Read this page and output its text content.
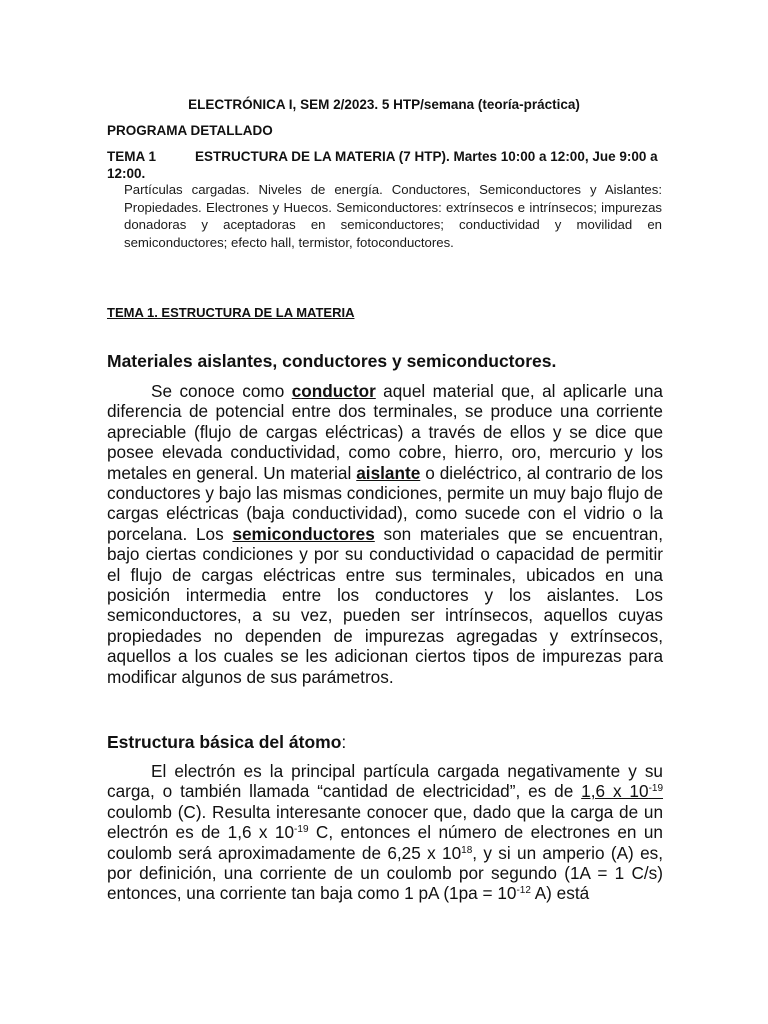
ELECTRÓNICA I, SEM 2/2023. 5 HTP/semana (teoría-práctica)
PROGRAMA DETALLADO
TEMA 1	ESTRUCTURA DE LA MATERIA (7 HTP). Martes 10:00 a 12:00, Jue 9:00 a 12:00.
Partículas cargadas. Niveles de energía. Conductores, Semiconductores y Aislantes: Propiedades. Electrones y Huecos. Semiconductores: extrínsecos e intrínsecos; impurezas donadoras y aceptadoras en semiconductores; conductividad y movilidad en semiconductores; efecto hall, termistor, fotoconductores.
TEMA 1. ESTRUCTURA DE LA MATERIA
Materiales aislantes, conductores y semiconductores.
Se conoce como conductor aquel material que, al aplicarle una diferencia de potencial entre dos terminales, se produce una corriente apreciable (flujo de cargas eléctricas) a través de ellos y se dice que posee elevada conductividad, como cobre, hierro, oro, mercurio y los metales en general. Un material aislante o dieléctrico, al contrario de los conductores y bajo las mismas condiciones, permite un muy bajo flujo de cargas eléctricas (baja conductividad), como sucede con el vidrio o la porcelana. Los semiconductores son materiales que se encuentran, bajo ciertas condiciones y por su conductividad o capacidad de permitir el flujo de cargas eléctricas entre sus terminales, ubicados en una posición intermedia entre los conductores y los aislantes. Los semiconductores, a su vez, pueden ser intrínsecos, aquellos cuyas propiedades no dependen de impurezas agregadas y extrínsecos, aquellos a los cuales se les adicionan ciertos tipos de impurezas para modificar algunos de sus parámetros.
Estructura básica del átomo:
El electrón es la principal partícula cargada negativamente y su carga, o también llamada “cantidad de electricidad”, es de 1,6 x $10^{-19}$ coulomb (C). Resulta interesante conocer que, dado que la carga de un electrón es de 1,6 x $10^{-19}$ C, entonces el número de electrones en un coulomb será aproximadamente de 6,25 x $10^{18}$, y si un amperio (A) es, por definición, una corriente de un coulomb por segundo (1A = 1 C/s) entonces, una corriente tan baja como 1 pA ($1pa = 10^{-12}$ A) está
